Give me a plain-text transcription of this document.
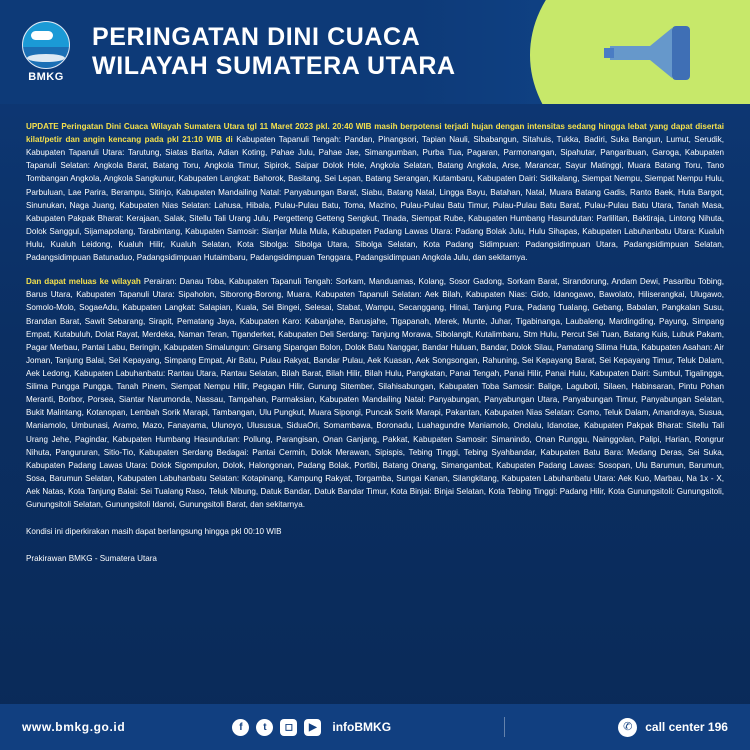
BMKG
PERINGATAN DINI CUACA
WILAYAH SUMATERA UTARA

UPDATE Peringatan Dini Cuaca Wilayah Sumatera Utara tgl 11 Maret 2023 pkl. 20:40 WIB masih berpotensi terjadi hujan dengan intensitas sedang hingga lebat yang dapat disertai kilat/petir dan angin kencang pada pkl 21:10 WIB di Kabupaten Tapanuli Tengah: Pandan, Pinangsori, Tapian Nauli, Sibabangun, Sitahuis, Tukka, Badiri, Suka Bangun, Lumut, Serudik, Kabupaten Tapanuli Utara: Tarutung, Siatas Barita, Adian Koting, Pahae Julu, Pahae Jae, Simangumban, Purba Tua, Pagaran, Parmonangan, Sipahutar, Pangaribuan, Garoga, Kabupaten Tapanuli Selatan: Angkola Barat, Batang Toru, Angkola Timur, Sipirok, Saipar Dolok Hole, Angkola Selatan, Batang Angkola, Arse, Marancar, Sayur Matinggi, Muara Batang Toru, Tano Tombangan Angkola, Angkola Sangkunur, Kabupaten Langkat: Bahorok, Basitang, Sei Lepan, Batang Serangan, Kutambaru, Kabupaten Dairi: Sidikalang, Siempat Nempu, Siempat Nempu Hulu, Parbuluan, Lae Parira, Berampu, Sitinjo, Kabupaten Mandailing Natal: Panyabungan Barat, Siabu, Batang Natal, Lingga Bayu, Batahan, Natal, Muara Batang Gadis, Ranto Baek, Huta Bargot, Sinunukan, Naga Juang, Kabupaten Nias Selatan: Lahusa, Hibala, Pulau-Pulau Batu, Toma, Mazino, Pulau-Pulau Batu Timur, Pulau-Pulau Batu Barat, Pulau-Pulau Batu Utara, Tanah Masa, Kabupaten Pakpak Bharat: Kerajaan, Salak, Sitellu Tali Urang Julu, Pergetteng Getteng Sengkut, Tinada, Siempat Rube, Kabupaten Humbang Hasundutan: Parlilitan, Baktiraja, Lintong Nihuta, Dolok Sanggul, Sijamapolang, Tarabintang, Kabupaten Samosir: Sianjar Mula Mula, Kabupaten Padang Lawas Utara: Padang Bolak Julu, Hulu Sihapas, Kabupaten Labuhanbatu Utara: Kualuh Hulu, Kualuh Leidong, Kualuh Hilir, Kualuh Selatan, Kota Sibolga: Sibolga Utara, Sibolga Selatan, Kota Padang Sidimpuan: Padangsidimpuan Utara, Padangsidimpuan Selatan, Padangsidimpuan Batunaduo, Padangsidimpuan Hutaimbaru, Padangsidimpuan Tenggara, Padangsidimpuan Angkola Julu, dan sekitarnya.

Dan dapat meluas ke wilayah Perairan: Danau Toba, Kabupaten Tapanuli Tengah: Sorkam, Manduamas, Kolang, Sosor Gadong, Sorkam Barat, Sirandorung, Andam Dewi, Pasaribu Tobing, Barus Utara, Kabupaten Tapanuli Utara: Sipaholon, Siborong-Borong, Muara, Kabupaten Tapanuli Selatan: Aek Bilah, Kabupaten Nias: Gido, Idanogawo, Bawolato, Hiliserangkai, Ulugawo, Somolo-Molo, SogaeAdu, Kabupaten Langkat: Salapian, Kuala, Sei Bingei, Selesai, Stabat, Wampu, Secanggang, Hinai, Tanjung Pura, Padang Tualang, Gebang, Babalan, Pangkalan Susu, Brandan Barat, Sawit Sebarang, Sirapit, Pematang Jaya, Kabupaten Karo: Kabanjahe, Barusjahe, Tigapanah, Merek, Munte, Juhar, Tigabinanga, Laubaleng, Mardingding, Payung, Simpang Empat, Kutabuluh, Dolat Rayat, Merdeka, Naman Teran, Tiganderket, Kabupaten Deli Serdang: Tanjung Morawa, Sibolangit, Kutalimbaru, Stm Hulu, Percut Sei Tuan, Batang Kuis, Lubuk Pakam, Pagar Merbau, Pantai Labu, Beringin, Kabupaten Simalungun: Girsang Sipangan Bolon, Dolok Batu Nanggar, Bandar Huluan, Bandar, Dolok Silau, Pamatang Silima Huta, Kabupaten Asahan: Air Joman, Tanjung Balai, Sei Kepayang, Simpang Empat, Air Batu, Pulau Rakyat, Bandar Pulau, Aek Kuasan, Aek Songsongan, Rahuning, Sei Kepayang Barat, Sei Kepayang Timur, Teluk Dalam, Aek Ledong, Kabupaten Labuhanbatu: Rantau Utara, Rantau Selatan, Bilah Barat, Bilah Hilir, Bilah Hulu, Pangkatan, Panai Tengah, Panai Hilir, Panai Hulu, Kabupaten Dairi: Sumbul, Tigalingga, Silima Pungga Pungga, Tanah Pinem, Siempat Nempu Hilir, Pegagan Hilir, Gunung Sitember, Silahisabungan, Kabupaten Toba Samosir: Balige, Laguboti, Silaen, Habinsaran, Pintu Pohan Meranti, Borbor, Porsea, Siantar Narumonda, Nassau, Tampahan, Parmaksian, Kabupaten Mandailing Natal: Panyabungan, Panyabungan Utara, Panyabungan Timur, Panyabungan Selatan, Bukit Malintang, Kotanopan, Lembah Sorik Marapi, Tambangan, Ulu Pungkut, Muara Sipongi, Puncak Sorik Marapi, Pakantan, Kabupaten Nias Selatan: Gomo, Teluk Dalam, Amandraya, Susua, Maniamolo, Umbunasi, Aramo, Mazo, Fanayama, Ulunoyo, Ulususua, SiduaOri, Somambawa, Boronadu, Luahagundre Maniamolo, Onolalu, Idanotae, Kabupaten Pakpak Bharat: Sitellu Tali Urang Jehe, Pagindar, Kabupaten Humbang Hasundutan: Pollung, Parangisan, Onan Ganjang, Pakkat, Kabupaten Samosir: Simanindo, Onan Runggu, Nainggolan, Palipi, Harian, Rongrur Nihuta, Pangururan, Sitio-Tio, Kabupaten Serdang Bedagai: Pantai Cermin, Dolok Merawan, Sipispis, Tebing Tinggi, Tebing Syahbandar, Kabupaten Batu Bara: Medang Deras, Sei Suka, Kabupaten Padang Lawas Utara: Dolok Sigompulon, Dolok, Halongonan, Padang Bolak, Portibi, Batang Onang, Simangambat, Kabupaten Padang Lawas: Sosopan, Ulu Barumun, Barumun, Sosa, Barumun Selatan, Kabupaten Labuhanbatu Selatan: Kotapinang, Kampung Rakyat, Torgamba, Sungai Kanan, Silangkitang, Kabupaten Labuhanbatu Utara: Aek Kuo, Marbau, Na 1x - X, Aek Natas, Kota Tanjung Balai: Sei Tualang Raso, Teluk Nibung, Datuk Bandar, Datuk Bandar Timur, Kota Binjai: Binjai Selatan, Kota Tebing Tinggi: Padang Hilir, Kota Gunungsitoli: Gunungsitoli, Gunungsitoli Selatan, Gunungsitoli Idanoi, Gunungsitoli Barat, dan sekitarnya.

Kondisi ini diperkirakan masih dapat berlangsung hingga pkl 00:10 WIB
Prakirawan BMKG - Sumatera Utara
www.bmkg.go.id	f	t	◻	▶	infoBMKG	✆	call center 196
